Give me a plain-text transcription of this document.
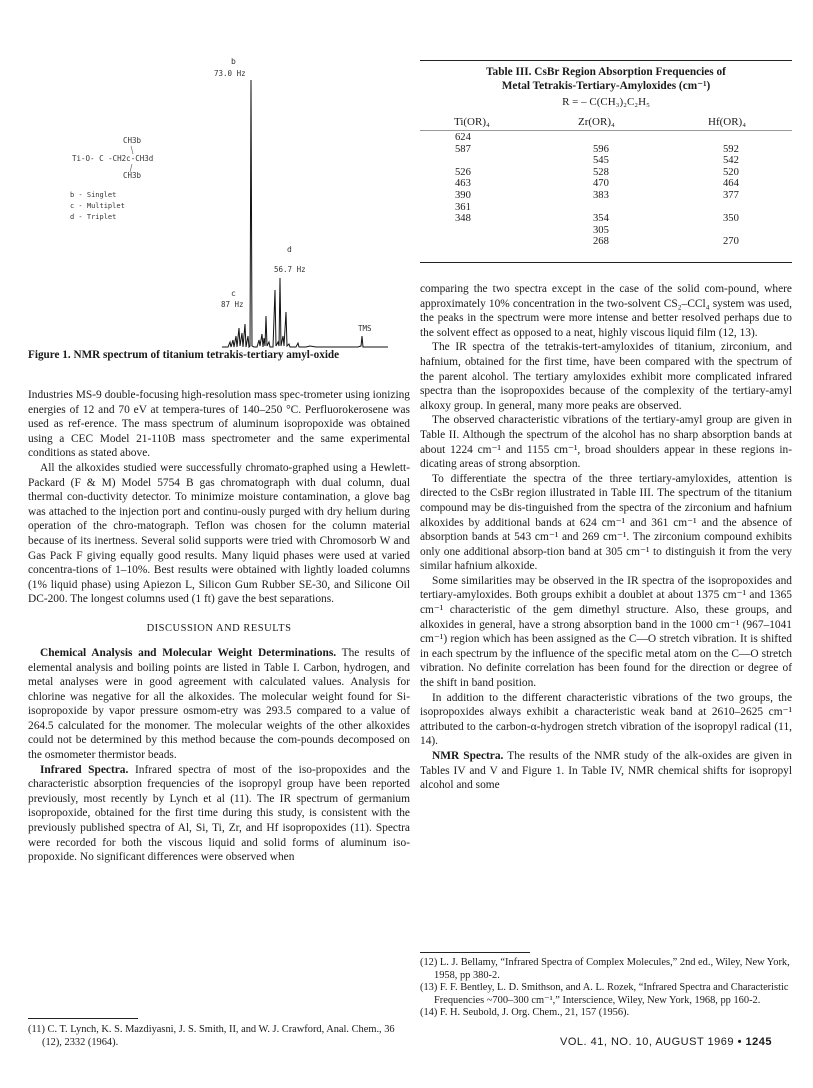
b
73.0 Hz
CH3b
Ti-O- C -CH2c-CH3d
CH3b
b - Singlet
c - Multiplet
d - Triplet
d
56.7 Hz
c
87 Hz
TMS
Figure 1. NMR spectrum of titanium tetrakis-tertiary amyl-oxide

Industries MS-9 double-focusing high-resolution mass spec-trometer using ionizing energies of 12 and 70 eV at tempera-tures of 140–250 °C. Perfluorokerosene was used as ref-erence. The mass spectrum of aluminum isopropoxide was obtained using a CEC Model 21-110B mass spectrometer and the same experimental conditions as stated above.

All the alkoxides studied were successfully chromato-graphed using a Hewlett-Packard (F & M) Model 5754 B gas chromatograph with dual column, dual thermal con-ductivity detector. To minimize moisture contamination, a glove bag was attached to the injection port and continu-ously purged with dry helium during operation of the chro-matograph. Teflon was chosen for the column material because of its inertness. Several solid supports were tried with Chromosorb W and Gas Pack F giving equally good results. Many liquid phases were used at varied concentra-tions of 1–10%. Best results were obtained with lightly loaded columns (1% liquid phase) using Apiezon L, Silicon Gum Rubber SE-30, and Silicone Oil DC-200. The longest columns used (1 ft) gave the best separations.

DISCUSSION AND RESULTS

Chemical Analysis and Molecular Weight Determinations. The results of elemental analysis and boiling points are listed in Table I. Carbon, hydrogen, and metal analyses were in good agreement with calculated values. Analysis for chlorine was negative for all the alkoxides. The molecular weight found for Si-isopropoxide by vapor pressure osmom-etry was 293.5 compared to a value of 264.5 calculated for the monomer. The molecular weights of the other alkoxides could not be determined by this method because the com-pounds decomposed on the osmometer thermistor beads.

Infrared Spectra. Infrared spectra of most of the iso-propoxides and the characteristic absorption frequencies of the isopropyl group have been reported previously, most recently by Lynch et al (11). The IR spectrum of germanium isopropoxide, obtained for the first time during this study, is consistent with the previously published spectra of Al, Si, Ti, Zr, and Hf isopropoxides (11). Spectra were recorded for both the viscous liquid and solid forms of aluminum iso-propoxide. No significant differences were observed when

(11) C. T. Lynch, K. S. Mazdiyasni, J. S. Smith, II, and W. J. Crawford, Anal. Chem., 36 (12), 2332 (1964).

Table III. CsBr Region Absorption Frequencies of
Metal Tetrakis-Tertiary-Amyloxides (cm⁻¹)
R = – C(CH₃)₂C₂H₅
Ti(OR)₄	Zr(OR)₄	Hf(OR)₄
624
587
526
463
390
361
348
596
545
528
470
383
354
305
268
592
542
520
464
377
350
270

comparing the two spectra except in the case of the solid com-pound, where approximately 10% concentration in the two-solvent CS₂–CCl₄ system was used, the peaks in the spectrum were more intense and better resolved perhaps due to the solvent effect as opposed to a neat, highly viscous liquid film (12, 13).

The IR spectra of the tetrakis-tert-amyloxides of titanium, zirconium, and hafnium, obtained for the first time, have been compared with the spectrum of the parent alcohol. The tertiary amyloxides exhibit more complicated infrared spectra than the isopropoxides because of the complexity of the tertiary-amyl alkoxy group. In general, many more peaks are observed.

The observed characteristic vibrations of the tertiary-amyl group are given in Table II. Although the spectrum of the alcohol has no sharp absorption bands at about 1224 cm⁻¹ and 1155 cm⁻¹, broad shoulders appear in these regions in-dicating areas of strong absorption.

To differentiate the spectra of the three tertiary-amyloxides, attention is directed to the CsBr region illustrated in Table III. The spectrum of the titanium compound may be dis-tinguished from the spectra of the zirconium and hafnium alkoxides by additional bands at 624 cm⁻¹ and 361 cm⁻¹ and the absence of absorption bands at 543 cm⁻¹ and 269 cm⁻¹. The zirconium compound exhibits only one additional absorp-tion band at 305 cm⁻¹ to distinguish it from the very similar hafnium alkoxide.

Some similarities may be observed in the IR spectra of the isopropoxides and tertiary-amyloxides. Both groups exhibit a doublet at about 1375 cm⁻¹ and 1365 cm⁻¹ characteristic of the gem dimethyl structure. Also, these groups, and alkoxides in general, have a strong absorption band in the 1000 cm⁻¹ (967–1041 cm⁻¹) region which has been assigned as the C—O stretch vibration. It is shifted in each spectrum by the influence of the specific metal atom on the C—O stretch vibration. No definite correlation has been found for the direction or degree of the shift in band position.

In addition to the different characteristic vibrations of the two groups, the isopropoxides always exhibit a characteristic weak band at 2610–2625 cm⁻¹ attributed to the carbon-α-hydrogen stretch vibration of the isopropyl radical (11, 14).

NMR Spectra. The results of the NMR study of the alk-oxides are given in Tables IV and V and Figure 1. In Table IV, NMR chemical shifts for isopropyl alcohol and some

(12) L. J. Bellamy, “Infrared Spectra of Complex Molecules,” 2nd ed., Wiley, New York, 1958, pp 380-2.

(13) F. F. Bentley, L. D. Smithson, and A. L. Rozek, “Infrared Spectra and Characteristic Frequencies ~700–300 cm⁻¹,” Interscience, Wiley, New York, 1968, pp 160-2.

(14) F. H. Seubold, J. Org. Chem., 21, 157 (1956).

VOL. 41, NO. 10, AUGUST 1969 • 1245
